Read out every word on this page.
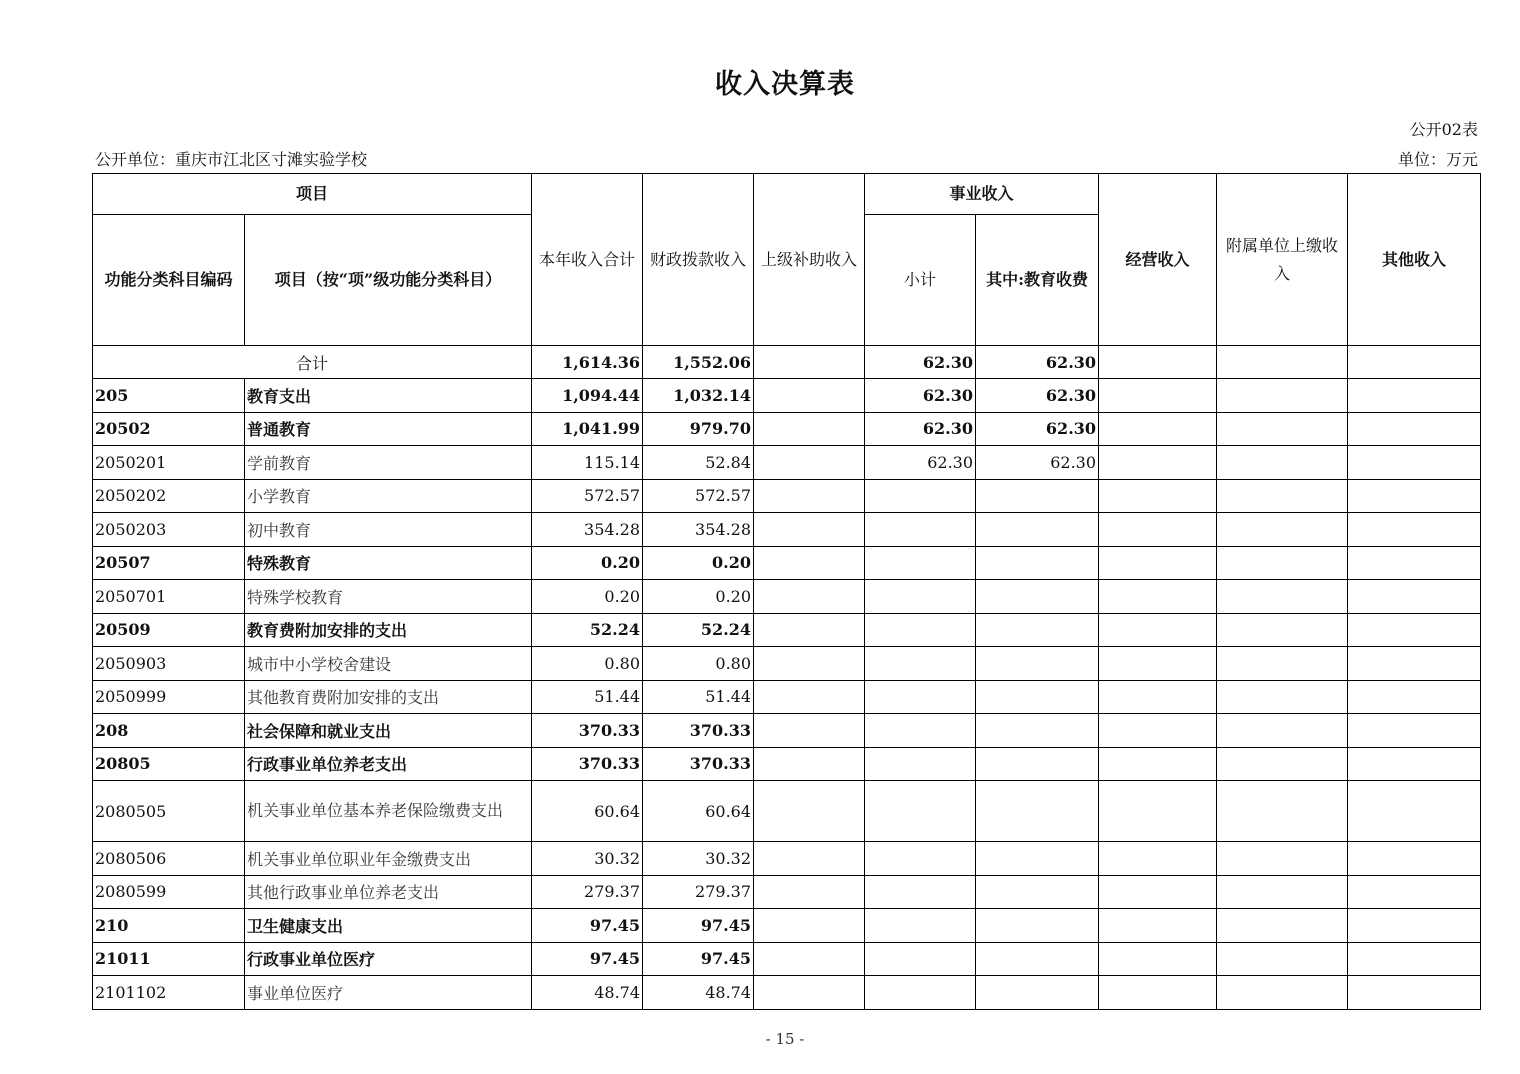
收入决算表
公开02表
公开单位：重庆市江北区寸滩实验学校	单位：万元
项目		本年收入合计	财政拨款收入	上级补助收入	事业收入		经营收入	附属单位上缴收入	其他收入
功能分类科目编码	项目（按“项”级功能分类科目）				小计	其中:教育收费			
合计		1,614.36	1,552.06		62.30	62.30			
205	教育支出	1,094.44	1,032.14		62.30	62.30			
20502	普通教育	1,041.99	979.70		62.30	62.30			
2050201	学前教育	115.14	52.84		62.30	62.30			
2050202	小学教育	572.57	572.57						
2050203	初中教育	354.28	354.28						
20507	特殊教育	0.20	0.20						
2050701	特殊学校教育	0.20	0.20						
20509	教育费附加安排的支出	52.24	52.24						
2050903	城市中小学校舍建设	0.80	0.80						
2050999	其他教育费附加安排的支出	51.44	51.44						
208	社会保障和就业支出	370.33	370.33						
20805	行政事业单位养老支出	370.33	370.33						
2080505	机关事业单位基本养老保险缴费支出	60.64	60.64						
2080506	机关事业单位职业年金缴费支出	30.32	30.32						
2080599	其他行政事业单位养老支出	279.37	279.37						
210	卫生健康支出	97.45	97.45						
21011	行政事业单位医疗	97.45	97.45						
2101102	事业单位医疗	48.74	48.74						
- 15 -
